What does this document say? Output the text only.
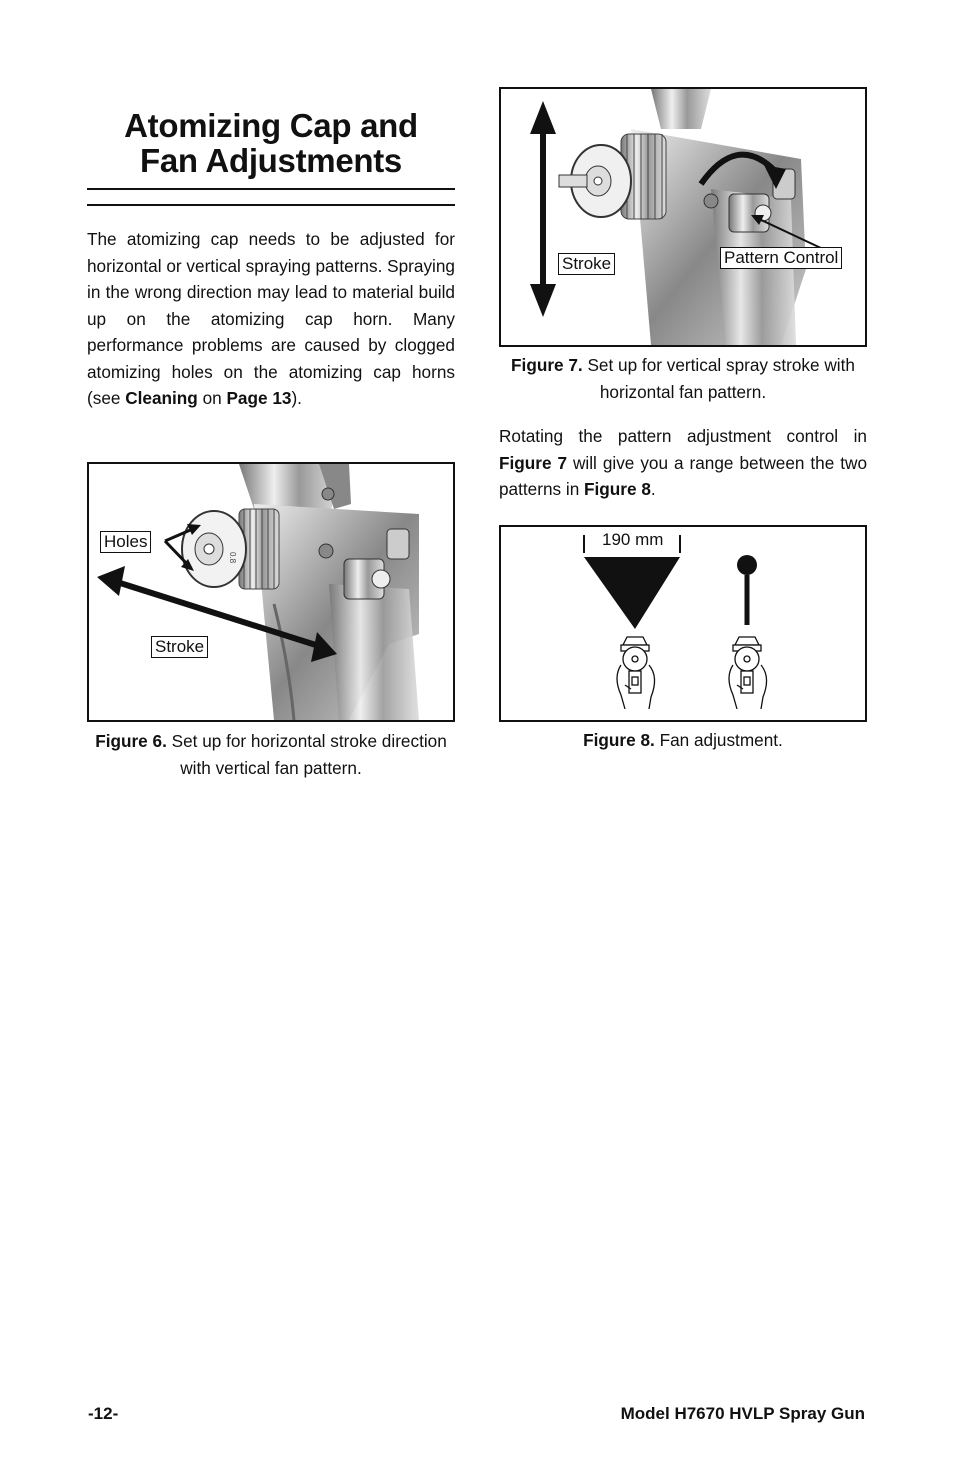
Atomizing Cap and
Fan Adjustments
The atomizing cap needs to be adjusted for horizontal or vertical spraying patterns. Spraying in the wrong direction may lead to material build up on the atomizing cap horn. Many performance problems are caused by clogged atomizing holes on the atomizing cap horns (see Cleaning on Page 13).
0.8
Holes
Stroke
Figure 6. Set up for horizontal stroke direction with vertical fan pattern.
Stroke	Pattern Control
Figure 7. Set up for vertical spray stroke with horizontal fan pattern.
Rotating the pattern adjustment control in Figure 7 will give you a range between the two patterns in Figure 8.
190 mm
Figure 8. Fan adjustment.
-12-	Model H7670 HVLP Spray Gun
